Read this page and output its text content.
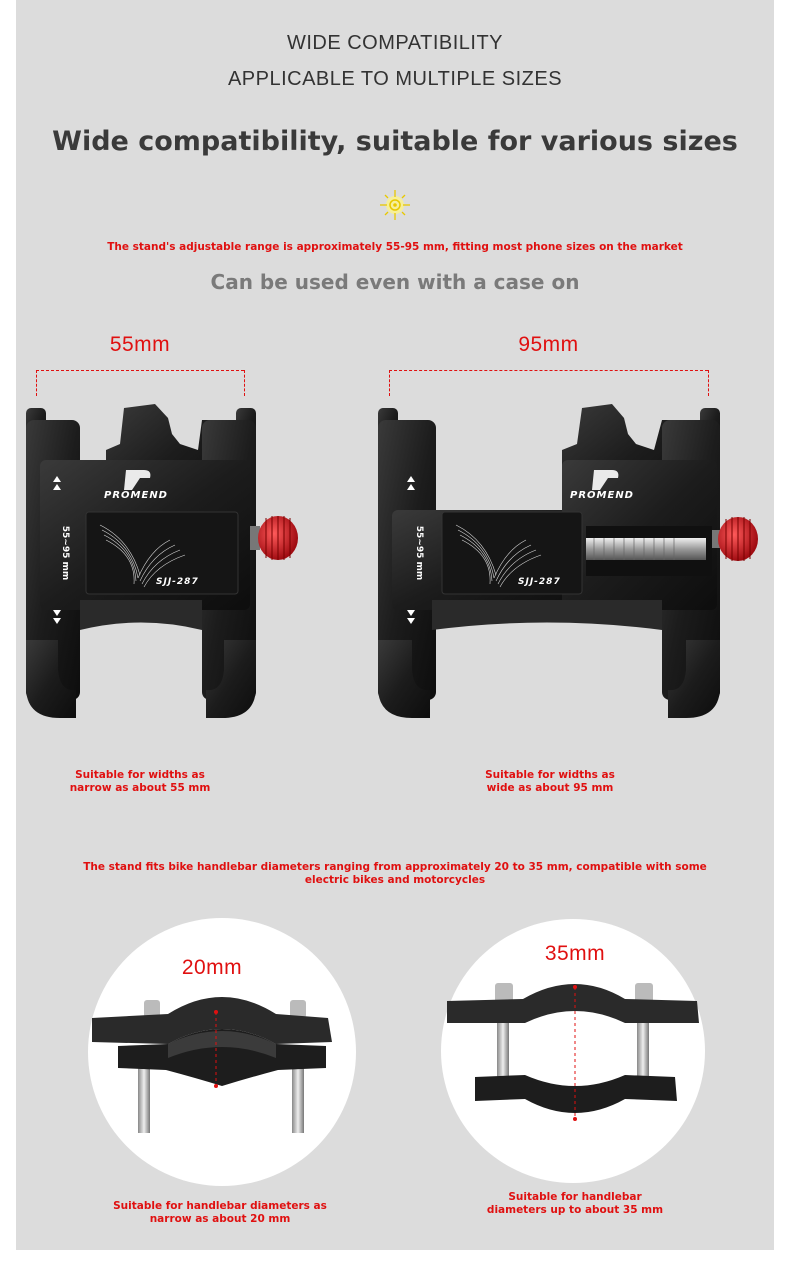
WIDE COMPATIBILITY
APPLICABLE TO MULTIPLE SIZES
Wide compatibility, suitable for various sizes
The stand's adjustable range is approximately 55-95 mm, fitting most phone sizes on the market
Can be used even with a case on
55mm	95mm
PROMEND
SJJ-287
55~95 mm
PROMEND
SJJ-287
55~95 mm
Suitable for widths as
narrow as about 55 mm
Suitable for widths as
wide as about 95 mm
The stand fits bike handlebar diameters ranging from approximately 20 to 35 mm, compatible with some
electric bikes and motorcycles
20mm
35mm
Suitable for handlebar diameters as
narrow as about 20 mm
Suitable for handlebar
diameters up to about 35 mm
